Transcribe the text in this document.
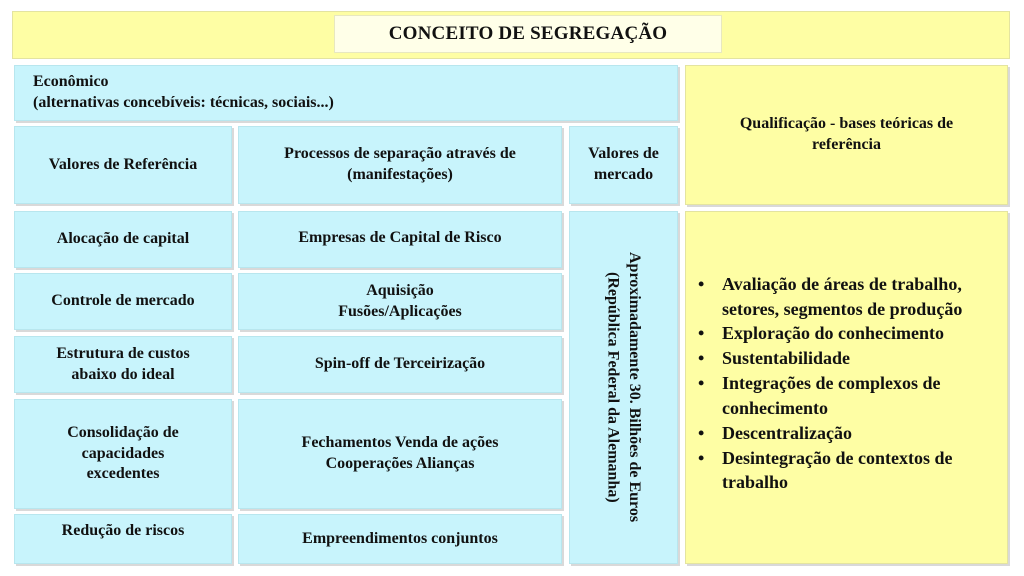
CONCEITO DE SEGREGAÇÃO
Econômico
(alternativas concebíveis: técnicas, sociais...)
Qualificação - bases teóricas de referência
Valores de Referência
Processos de separação através de (manifestações)
Valores de mercado
Alocação de capital
Controle de mercado
Estrutura de custos abaixo do ideal
Consolidação de capacidades excedentes
Redução de riscos
Empresas de Capital de Risco
Aquisição Fusões/Aplicações
Spin-off de Terceirização
Fechamentos Venda de ações Cooperações Alianças
Empreendimentos conjuntos
Aproximadamente 30. Bilhões de Euros (República Federal da Alemanha)	• Avaliação de áreas de trabalho, setores, segmentos de produção
• Exploração do conhecimento
• Sustentabilidade
• Integrações de complexos de conhecimento
• Descentralização
• Desintegração de contextos de trabalho
